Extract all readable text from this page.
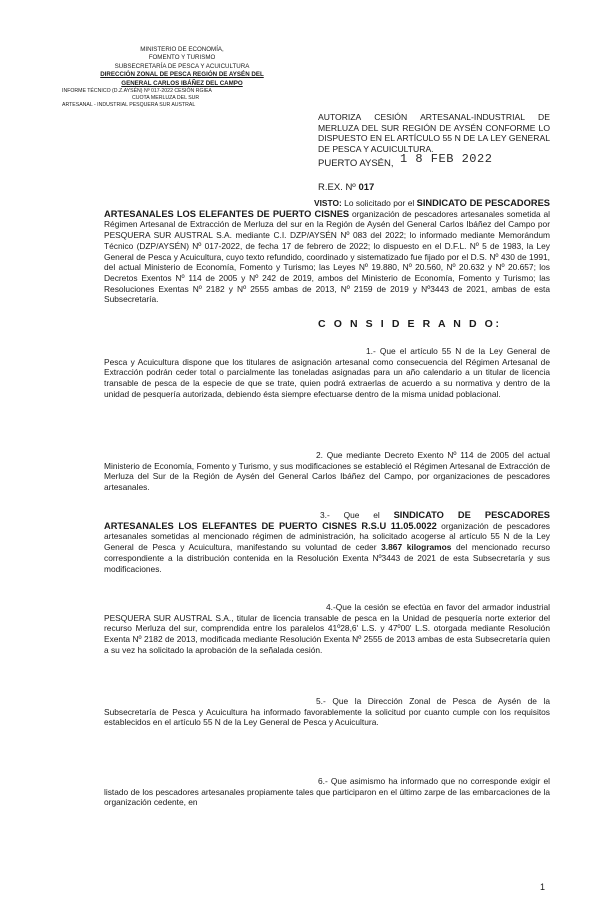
MINISTERIO DE ECONOMÍA,
FOMENTO Y TURISMO
SUBSECRETARÍA DE PESCA Y ACUICULTURA
DIRECCIÓN ZONAL DE PESCA REGIÓN DE AYSÉN DEL
GENERAL CARLOS IBÁÑEZ DEL CAMPO
INFORME TÉCNICO (D.Z.AYSÉN) Nº 017-2022 CESIÓN RGIEA
CUOTA MERLUZA DEL SUR
ARTESANAL - INDUSTRIAL PESQUERA SUR AUSTRAL
AUTORIZA CESIÓN ARTESANAL-INDUSTRIAL DE MERLUZA DEL SUR REGIÓN DE AYSÉN CONFORME LO DISPUESTO EN EL ARTÍCULO 55 N DE LA LEY GENERAL DE PESCA Y ACUICULTURA.
PUERTO AYSÉN, 1 8 FEB 2022
R.EX. Nº 017
VISTO: Lo solicitado por el SINDICATO DE PESCADORES ARTESANALES LOS ELEFANTES DE PUERTO CISNES organización de pescadores artesanales sometida al Régimen Artesanal de Extracción de Merluza del sur en la Región de Aysén del General Carlos Ibáñez del Campo por PESQUERA SUR AUSTRAL S.A. mediante C.I. DZP/AYSÉN Nº 083 del 2022; lo informado mediante Memorándum Técnico (DZP/AYSÉN) Nº 017-2022, de fecha 17 de febrero de 2022; lo dispuesto en el D.F.L. Nº 5 de 1983, la Ley General de Pesca y Acuicultura, cuyo texto refundido, coordinado y sistematizado fue fijado por el D.S. Nº 430 de 1991, del actual Ministerio de Economía, Fomento y Turismo; las Leyes Nº 19.880, Nº 20.560, Nº 20.632 y Nº 20.657; los Decretos Exentos Nº 114 de 2005 y Nº 242 de 2019, ambos del Ministerio de Economía, Fomento y Turismo; las Resoluciones Exentas Nº 2182 y Nº 2555 ambas de 2013, Nº 2159 de 2019 y Nº3443 de 2021, ambas de esta Subsecretaría.
C O N S I D E R A N D O:
1.- Que el artículo 55 N de la Ley General de Pesca y Acuicultura dispone que los titulares de asignación artesanal como consecuencia del Régimen Artesanal de Extracción podrán ceder total o parcialmente las toneladas asignadas para un año calendario a un titular de licencia transable de pesca de la especie de que se trate, quien podrá extraerlas de acuerdo a su normativa y dentro de la unidad de pesquería autorizada, debiendo ésta siempre efectuarse dentro de la misma unidad poblacional.
2. Que mediante Decreto Exento Nº 114 de 2005 del actual Ministerio de Economía, Fomento y Turismo, y sus modificaciones se estableció el Régimen Artesanal de Extracción de Merluza del Sur de la Región de Aysén del General Carlos Ibáñez del Campo, por organizaciones de pescadores artesanales.
3.- Que el SINDICATO DE PESCADORES ARTESANALES LOS ELEFANTES DE PUERTO CISNES R.S.U 11.05.0022 organización de pescadores artesanales sometidas al mencionado régimen de administración, ha solicitado acogerse al artículo 55 N de la Ley General de Pesca y Acuicultura, manifestando su voluntad de ceder 3.867 kilogramos del mencionado recurso correspondiente a la distribución contenida en la Resolución Exenta Nº3443 de 2021 de esta Subsecretaría y sus modificaciones.
4.-Que la cesión se efectúa en favor del armador industrial PESQUERA SUR AUSTRAL S.A., titular de licencia transable de pesca en la Unidad de pesquería norte exterior del recurso Merluza del sur, comprendida entre los paralelos 41º28,6' L.S. y 47º00' L.S. otorgada mediante Resolución Exenta Nº 2182 de 2013, modificada mediante Resolución Exenta Nº 2555 de 2013 ambas de esta Subsecretaría quien a su vez ha solicitado la aprobación de la señalada cesión.
5.- Que la Dirección Zonal de Pesca de Aysén de la Subsecretaría de Pesca y Acuicultura ha informado favorablemente la solicitud por cuanto cumple con los requisitos establecidos en el artículo 55 N de la Ley General de Pesca y Acuicultura.
6.- Que asimismo ha informado que no corresponde exigir el listado de los pescadores artesanales propiamente tales que participaron en el último zarpe de las embarcaciones de la organización cedente, en
1
